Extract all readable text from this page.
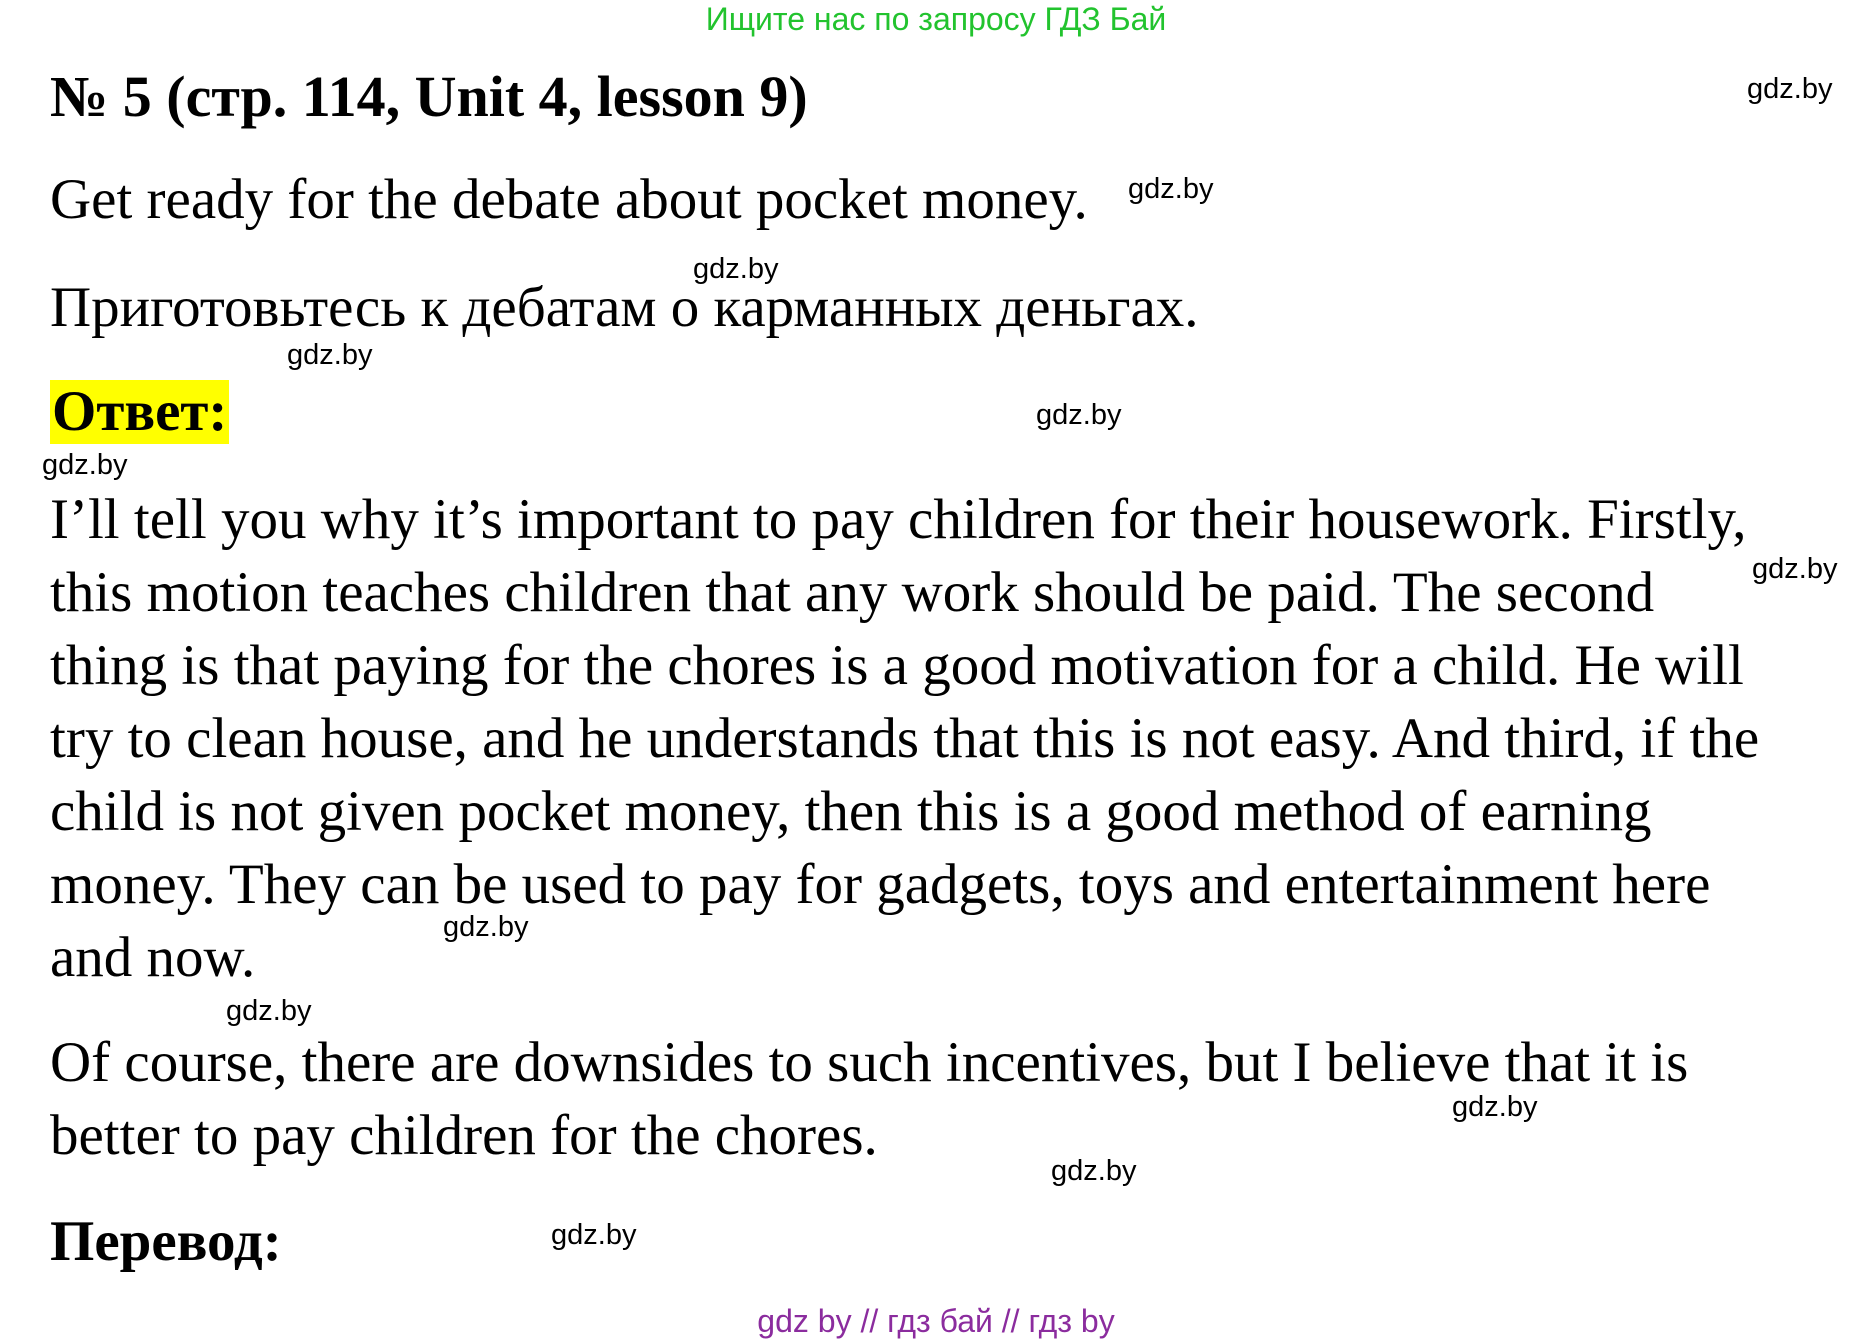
Ищите нас по запросу ГДЗ Бай
№ 5 (стр. 114, Unit 4, lesson 9)
Get ready for the debate about pocket money.
Приготовьтесь к дебатам о карманных деньгах.
Ответ:
I’ll tell you why it’s important to pay children for their housework. Firstly,
this motion teaches children that any work should be paid. The second
thing is that paying for the chores is a good motivation for a child. He will
try to clean house, and he understands that this is not easy. And third, if the
child is not given pocket money, then this is a good method of earning
money. They can be used to pay for gadgets, toys and entertainment here
and now.
Of course, there are downsides to such incentives, but I believe that it is
better to pay children for the chores.
Перевод:
gdz.by
gdz.by
gdz.by
gdz.by
gdz.by
gdz.by
gdz.by
gdz.by
gdz.by
gdz.by
gdz.by
gdz.by
gdz by // гдз бай // гдз by
